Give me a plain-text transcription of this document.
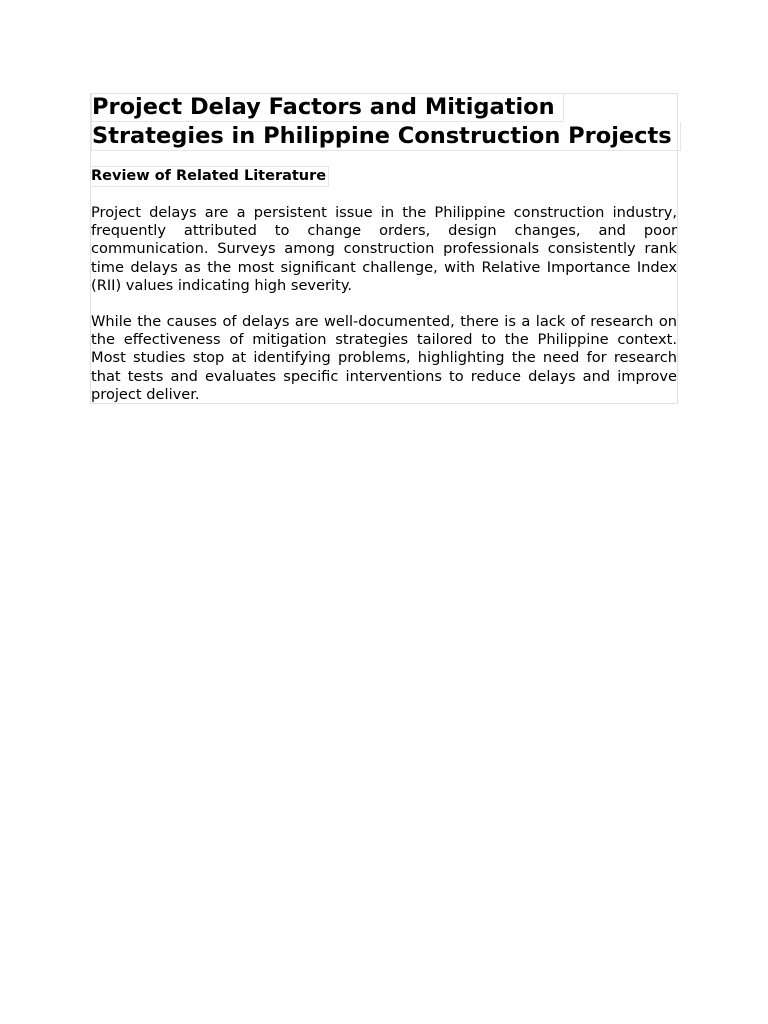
Project Delay Factors and Mitigation
Strategies in Philippine Construction Projects
Review of Related Literature

Project delays are a persistent issue in the Philippine construction industry, frequently attributed to change orders, design changes, and poor communication. Surveys among construction professionals consistently rank time delays as the most significant challenge, with Relative Importance Index (RII) values indicating high severity.

While the causes of delays are well-documented, there is a lack of research on the effectiveness of mitigation strategies tailored to the Philippine context. Most studies stop at identifying problems, highlighting the need for research that tests and evaluates specific interventions to reduce delays and improve project deliver.
